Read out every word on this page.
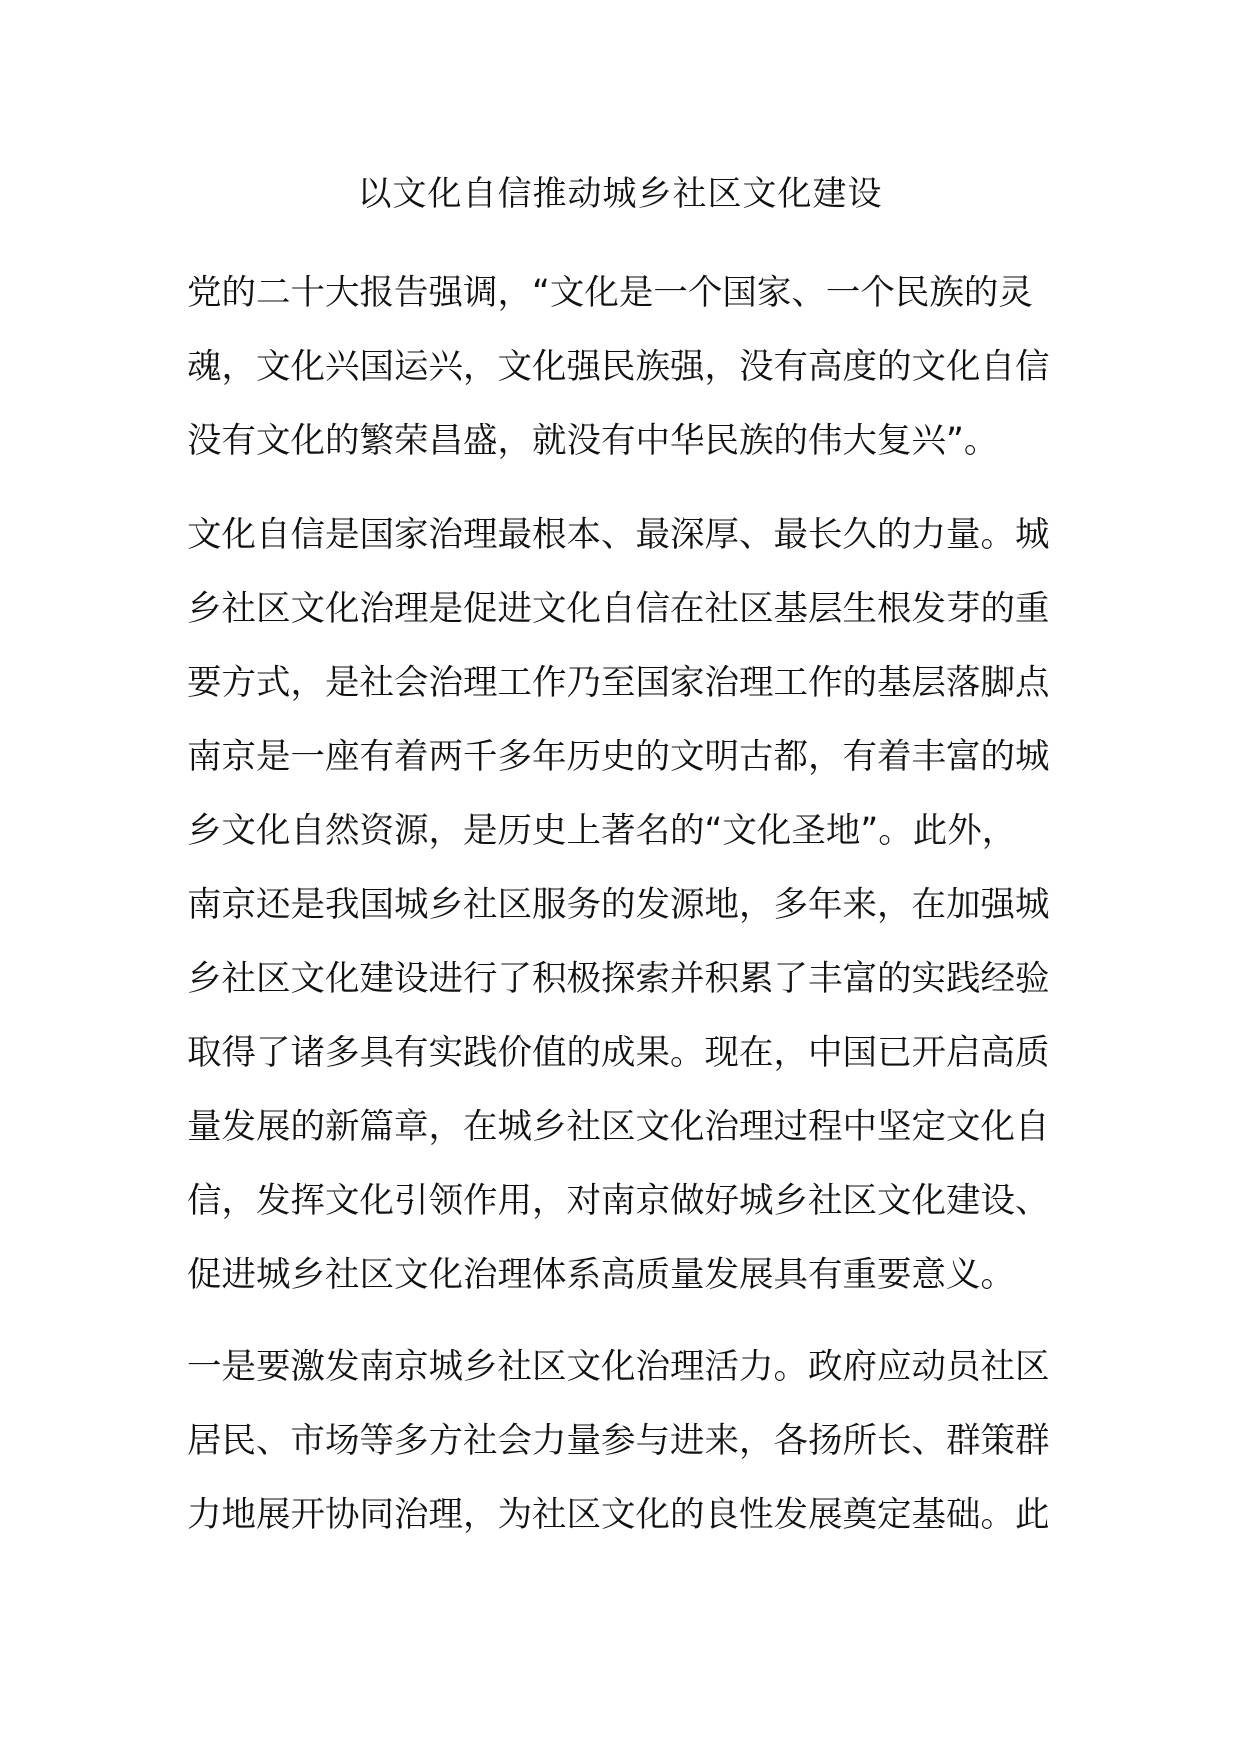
以文化自信推动城乡社区文化建设
党的二十大报告强调，“文化是一个国家、一个民族的灵
魂，文化兴国运兴，文化强民族强，没有高度的文化自信
没有文化的繁荣昌盛，就没有中华民族的伟大复兴”。
文化自信是国家治理最根本、最深厚、最长久的力量。城
乡社区文化治理是促进文化自信在社区基层生根发芽的重
要方式，是社会治理工作乃至国家治理工作的基层落脚点
南京是一座有着两千多年历史的文明古都，有着丰富的城
乡文化自然资源，是历史上著名的“文化圣地”。此外，
南京还是我国城乡社区服务的发源地，多年来，在加强城
乡社区文化建设进行了积极探索并积累了丰富的实践经验
取得了诸多具有实践价值的成果。现在，中国已开启高质
量发展的新篇章，在城乡社区文化治理过程中坚定文化自
信，发挥文化引领作用，对南京做好城乡社区文化建设、
促进城乡社区文化治理体系高质量发展具有重要意义。
一是要激发南京城乡社区文化治理活力。政府应动员社区
居民、市场等多方社会力量参与进来，各扬所长、群策群
力地展开协同治理，为社区文化的良性发展奠定基础。此
